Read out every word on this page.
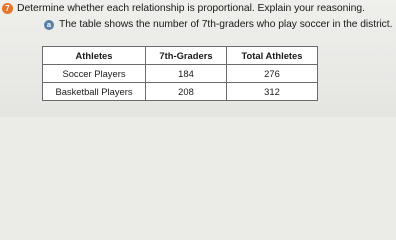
7 Determine whether each relationship is proportional. Explain your reasoning.
a The table shows the number of 7th-graders who play soccer in the district.
Athletes	7th-Graders	Total Athletes
Soccer Players	184	276
Basketball Players	208	312
